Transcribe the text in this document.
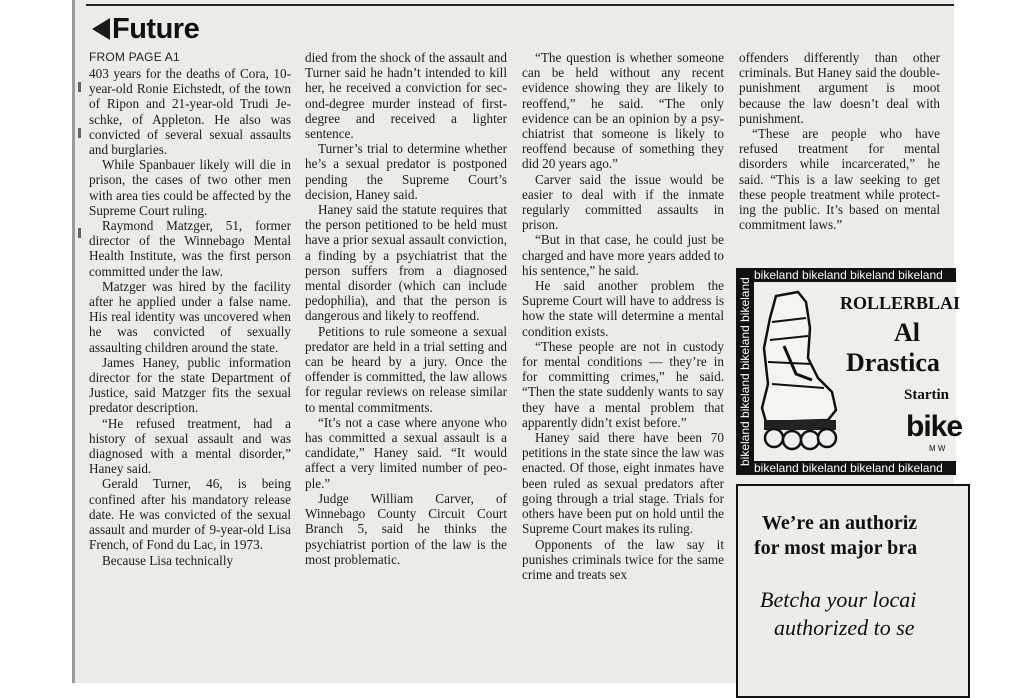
Future
FROM PAGE A1

403 years for the deaths of Cora, 10-year-old Ronie Eichstedt, of the town of Ripon and 21-year-old Trudi Jeschke, of Appleton. He also was convicted of several sexual assaults and burglaries.

While Spanbauer likely will die in prison, the cases of two other men with area ties could be affected by the Supreme Court ruling.

Raymond Matzger, 51, former director of the Winnebago Mental Health Institute, was the first person committed under the law.

Matzger was hired by the facility after he applied under a false name. His real identity was uncovered when he was convicted of sexually assaulting children around the state.

James Haney, public information director for the state Department of Justice, said Matzger fits the sexual predator description.

“He refused treatment, had a history of sexual assault and was diagnosed with a mental disorder,” Haney said.

Gerald Turner, 46, is being confined after his mandatory release date. He was convicted of the sexual assault and murder of 9-year-old Lisa French, of Fond du Lac, in 1973.

Because Lisa technically

died from the shock of the assault and Turner said he hadn’t intended to kill her, he received a conviction for second-degree murder instead of first-degree and received a lighter sentence.

Turner’s trial to determine whether he’s a sexual predator is postponed pending the Supreme Court’s decision, Haney said.

Haney said the statute requires that the person petitioned to be held must have a prior sexual assault conviction, a finding by a psychiatrist that the person suffers from a diagnosed mental disorder (which can include pedophilia), and that the person is dangerous and likely to reoffend.

Petitions to rule someone a sexual predator are held in a trial setting and can be heard by a jury. Once the offender is committed, the law allows for regular reviews on release similar to mental commitments.

“It’s not a case where anyone who has committed a sexual assault is a candidate,” Haney said. “It would affect a very limited number of people.”

Judge William Carver, of Winnebago County Circuit Court Branch 5, said he thinks the psychiatrist portion of the law is the most problematic.

“The question is whether someone can be held without any recent evidence showing they are likely to reoffend,” he said. “The only evidence can be an opinion by a psychiatrist that someone is likely to reoffend because of something they did 20 years ago.”

Carver said the issue would be easier to deal with if the inmate regularly committed assaults in prison.

“But in that case, he could just be charged and have more years added to his sentence,” he said.

He said another problem the Supreme Court will have to address is how the state will determine a mental condition exists.

“These people are not in custody for mental conditions — they’re in for committing crimes,” he said. “Then the state suddenly wants to say they have a mental problem that apparently didn’t exist before.”

Haney said there have been 70 petitions in the state since the law was enacted. Of those, eight inmates have been ruled as sexual predators after going through a trial stage. Trials for others have been put on hold until the Supreme Court makes its ruling.

Opponents of the law say it punishes criminals twice for the same crime and treats sex

offenders differently than other criminals. But Haney said the double-punishment argument is moot because the law doesn’t deal with punishment.

“These are people who have refused treatment for mental disorders while incarcerated,” he said. “This is a law seeking to get these people treatment while protecting the public. It’s based on mental commitment laws.”

bikeland bikeland bikeland bikeland
bikeland bikeland bikeland bikeland	ROLLERBLAI
Al
Drastica
Startin
bike
M W
bikeland bikeland bikeland bikeland
We’re an authoriz
for most major bra
Betcha your locai
authorized to se
